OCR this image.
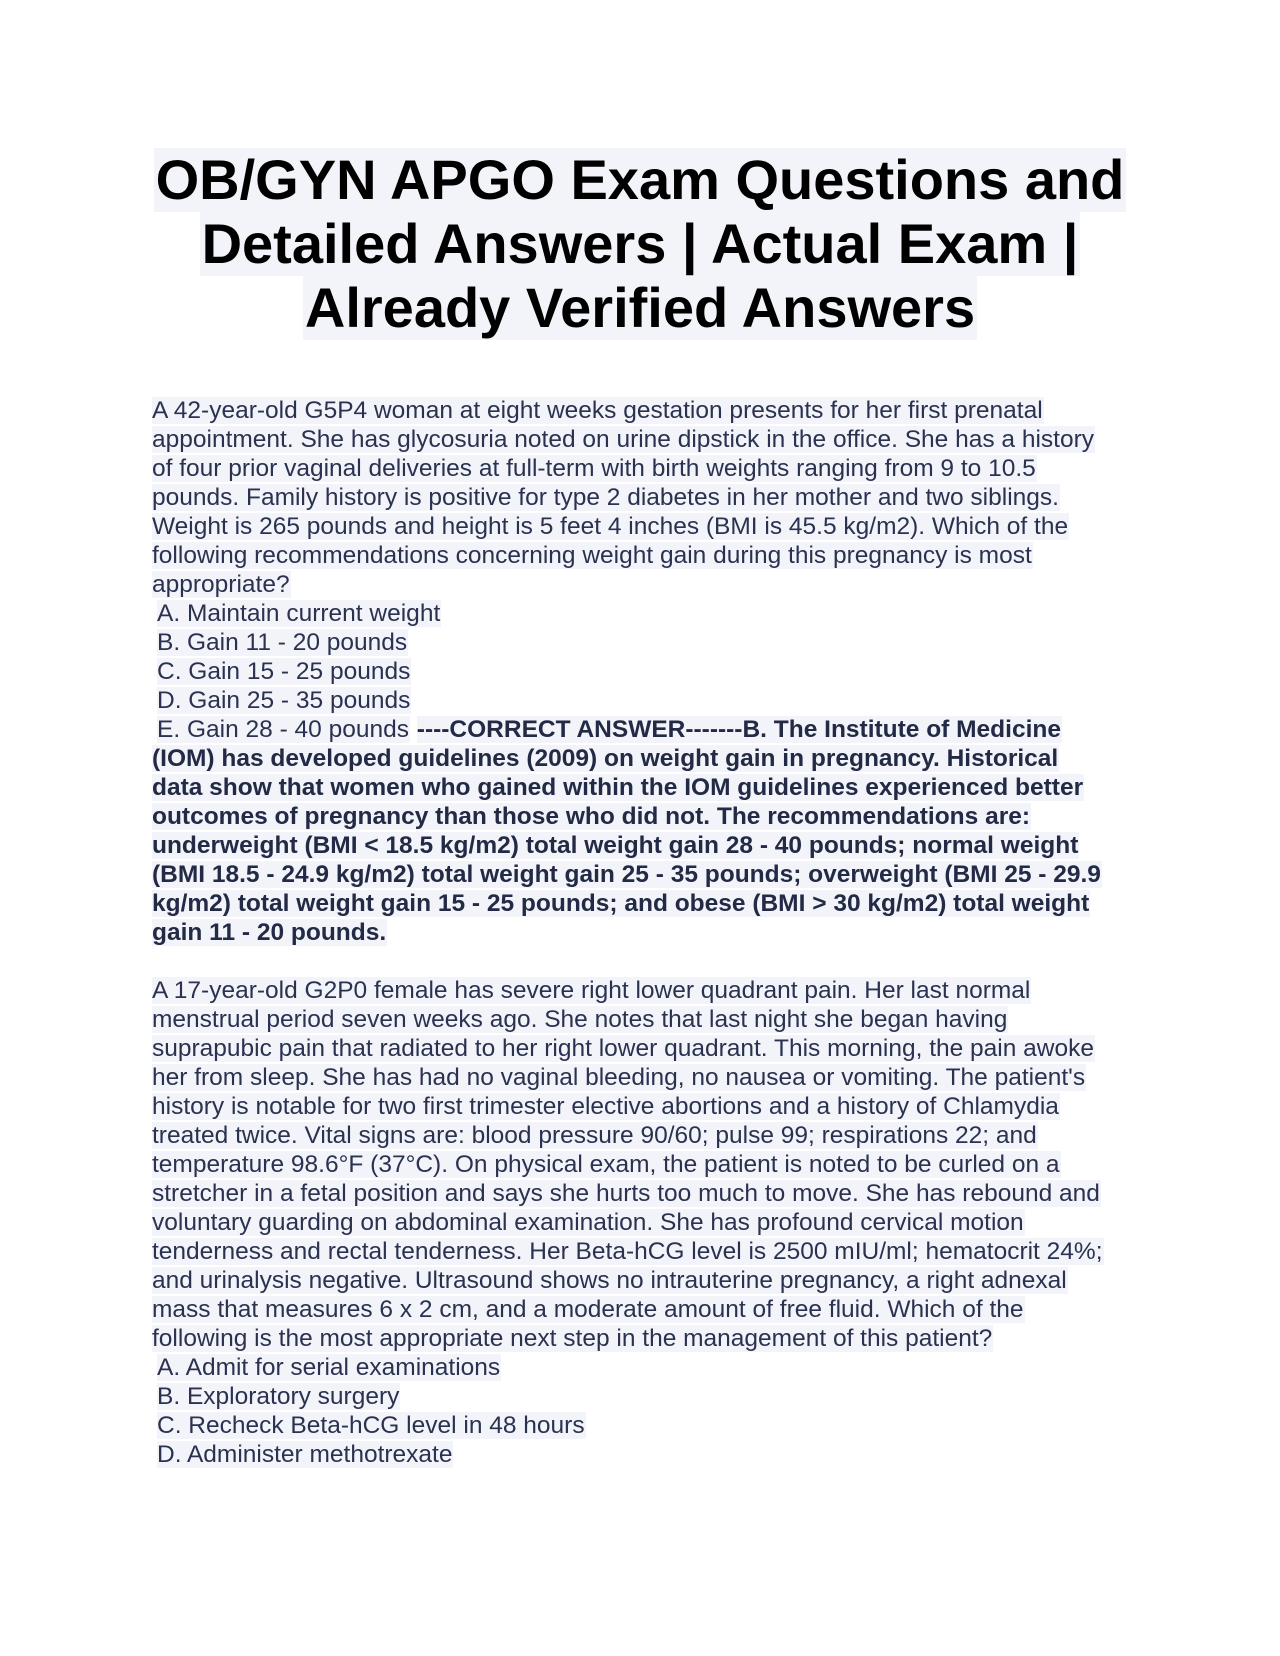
OB/GYN APGO Exam Questions and
Detailed Answers | Actual Exam |
Already Verified Answers
A 42-year-old G5P4 woman at eight weeks gestation presents for her first prenatal
appointment. She has glycosuria noted on urine dipstick in the office. She has a history
of four prior vaginal deliveries at full-term with birth weights ranging from 9 to 10.5
pounds. Family history is positive for type 2 diabetes in her mother and two siblings.
Weight is 265 pounds and height is 5 feet 4 inches (BMI is 45.5 kg/m2). Which of the
following recommendations concerning weight gain during this pregnancy is most
appropriate?
A. Maintain current weight
B. Gain 11 - 20 pounds
C. Gain 15 - 25 pounds
D. Gain 25 - 35 pounds
E. Gain 28 - 40 pounds ----CORRECT ANSWER-------B. The Institute of Medicine
(IOM) has developed guidelines (2009) on weight gain in pregnancy. Historical
data show that women who gained within the IOM guidelines experienced better
outcomes of pregnancy than those who did not. The recommendations are:
underweight (BMI < 18.5 kg/m2) total weight gain 28 - 40 pounds; normal weight
(BMI 18.5 - 24.9 kg/m2) total weight gain 25 - 35 pounds; overweight (BMI 25 - 29.9
kg/m2) total weight gain 15 - 25 pounds; and obese (BMI > 30 kg/m2) total weight
gain 11 - 20 pounds.
A 17-year-old G2P0 female has severe right lower quadrant pain. Her last normal
menstrual period seven weeks ago. She notes that last night she began having
suprapubic pain that radiated to her right lower quadrant. This morning, the pain awoke
her from sleep. She has had no vaginal bleeding, no nausea or vomiting. The patient's
history is notable for two first trimester elective abortions and a history of Chlamydia
treated twice. Vital signs are: blood pressure 90/60; pulse 99; respirations 22; and
temperature 98.6°F (37°C). On physical exam, the patient is noted to be curled on a
stretcher in a fetal position and says she hurts too much to move. She has rebound and
voluntary guarding on abdominal examination. She has profound cervical motion
tenderness and rectal tenderness. Her Beta-hCG level is 2500 mIU/ml; hematocrit 24%;
and urinalysis negative. Ultrasound shows no intrauterine pregnancy, a right adnexal
mass that measures 6 x 2 cm, and a moderate amount of free fluid. Which of the
following is the most appropriate next step in the management of this patient?
A. Admit for serial examinations
B. Exploratory surgery
C. Recheck Beta-hCG level in 48 hours
D. Administer methotrexate
